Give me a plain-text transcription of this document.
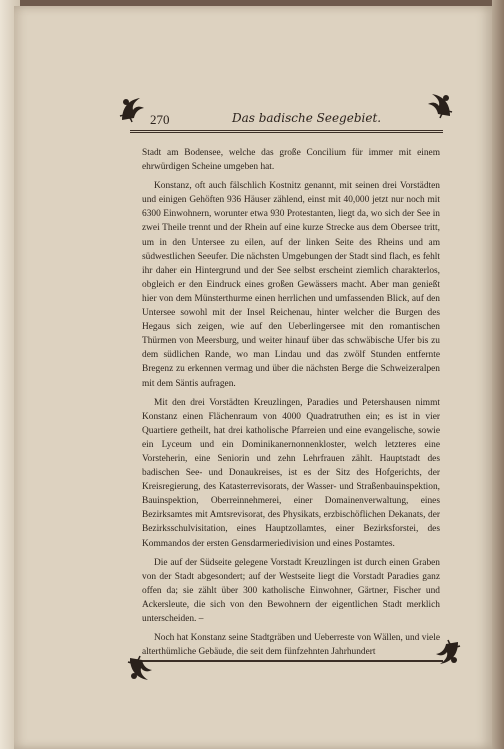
270	Das badische Seegebiet.

Stadt am Bodensee, welche das große Concilium für immer mit einem ehrwürdigen Scheine umgeben hat.

Konstanz, oft auch fälschlich Kostnitz genannt, mit seinen drei Vorstädten und einigen Gehöften 936 Häuser zählend, einst mit 40,000 jetzt nur noch mit 6300 Einwohnern, worunter etwa 930 Protestanten, liegt da, wo sich der See in zwei Theile trennt und der Rhein auf eine kurze Strecke aus dem Obersee tritt, um in den Untersee zu eilen, auf der linken Seite des Rheins und am südwestlichen Seeufer. Die nächsten Umgebungen der Stadt sind flach, es fehlt ihr daher ein Hintergrund und der See selbst erscheint ziemlich charakterlos, obgleich er den Eindruck eines großen Gewässers macht. Aber man genießt hier von dem Münsterthurme einen herrlichen und umfassenden Blick, auf den Untersee sowohl mit der Insel Reichenau, hinter welcher die Burgen des Hegaus sich zeigen, wie auf den Ueberlingersee mit den romantischen Thürmen von Meersburg, und weiter hinauf über das schwäbische Ufer bis zu dem südlichen Rande, wo man Lindau und das zwölf Stunden entfernte Bregenz zu erkennen vermag und über die nächsten Berge die Schweizeralpen mit dem Säntis aufragen.

Mit den drei Vorstädten Kreuzlingen, Paradies und Petershausen nimmt Konstanz einen Flächenraum von 4000 Quadratruthen ein; es ist in vier Quartiere getheilt, hat drei katholische Pfarreien und eine evangelische, sowie ein Lyceum und ein Dominikanernonnenkloster, welch letzteres eine Vorsteherin, eine Seniorin und zehn Lehrfrauen zählt. Hauptstadt des badischen See- und Donaukreises, ist es der Sitz des Hofgerichts, der Kreisregierung, des Katasterrevisorats, der Wasser- und Straßenbauinspektion, Bauinspektion, Oberreinnehmerei, einer Domainenverwaltung, eines Bezirksamtes mit Amtsrevisorat, des Physikats, erzbischöflichen Dekanats, der Bezirksschulvisitation, eines Hauptzollamtes, einer Bezirksforstei, des Kommandos der ersten Gensdarmeriedivision und eines Postamtes.

Die auf der Südseite gelegene Vorstadt Kreuzlingen ist durch einen Graben von der Stadt abgesondert; auf der Westseite liegt die Vorstadt Paradies ganz offen da; sie zählt über 300 katholische Einwohner, Gärtner, Fischer und Ackersleute, die sich von den Bewohnern der eigentlichen Stadt merklich unterscheiden. –

Noch hat Konstanz seine Stadtgräben und Ueberreste von Wällen, und viele alterthümliche Gebäude, die seit dem fünfzehnten Jahrhundert
